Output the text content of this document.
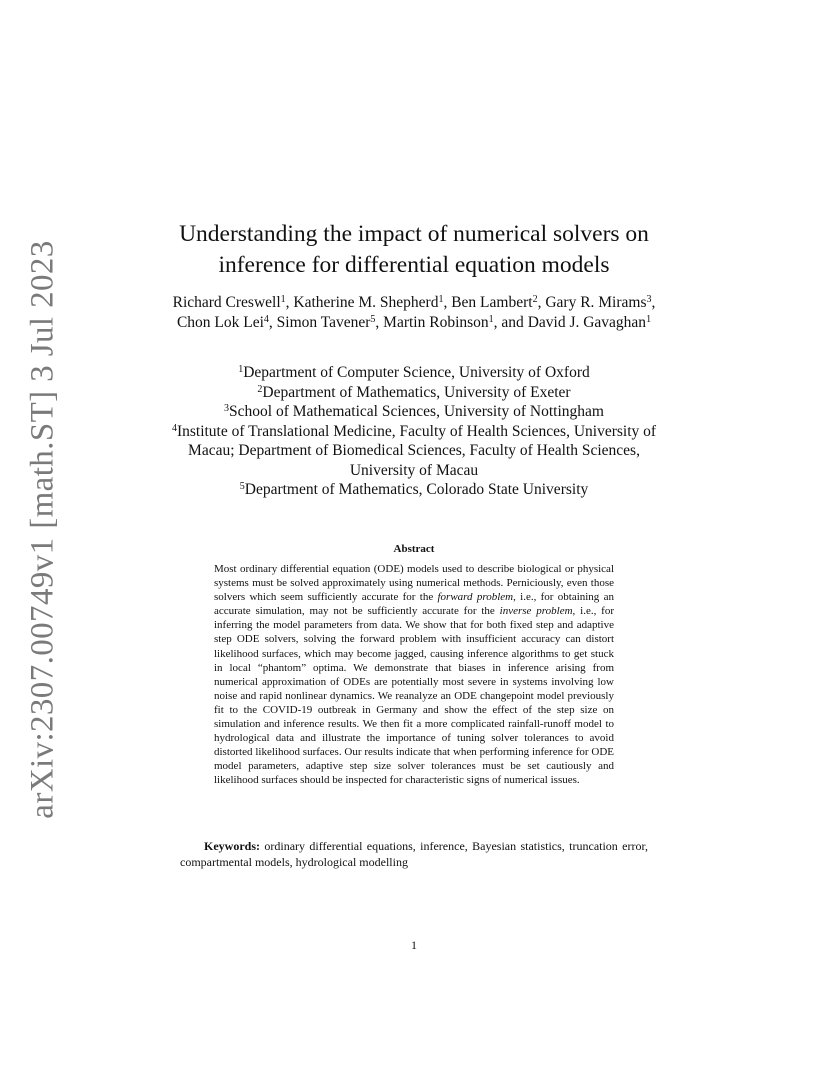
arXiv:2307.00749v1 [math.ST] 3 Jul 2023
Understanding the impact of numerical solvers on inference for differential equation models
Richard Creswell$^1$, Katherine M. Shepherd$^1$, Ben Lambert$^2$, Gary R. Mirams$^3$, Chon Lok Lei$^4$, Simon Tavener$^5$, Martin Robinson$^1$, and David J. Gavaghan$^1$
$^1$Department of Computer Science, University of Oxford
$^2$Department of Mathematics, University of Exeter
$^3$School of Mathematical Sciences, University of Nottingham
$^4$Institute of Translational Medicine, Faculty of Health Sciences, University of Macau; Department of Biomedical Sciences, Faculty of Health Sciences, University of Macau
$^5$Department of Mathematics, Colorado State University
Abstract

Most ordinary differential equation (ODE) models used to describe biological or physical systems must be solved approximately using numerical methods. Perniciously, even those solvers which seem sufficiently accurate for the forward problem, i.e., for obtaining an accurate simulation, may not be sufficiently accurate for the inverse problem, i.e., for inferring the model parameters from data. We show that for both fixed step and adaptive step ODE solvers, solving the forward problem with insufficient accuracy can distort likelihood surfaces, which may become jagged, causing inference algorithms to get stuck in local “phantom” optima. We demonstrate that biases in inference arising from numerical approximation of ODEs are potentially most severe in systems involving low noise and rapid nonlinear dynamics. We reanalyze an ODE changepoint model previously fit to the COVID-19 outbreak in Germany and show the effect of the step size on simulation and inference results. We then fit a more complicated rainfall-runoff model to hydrological data and illustrate the importance of tuning solver tolerances to avoid distorted likelihood surfaces. Our results indicate that when performing inference for ODE model parameters, adaptive step size solver tolerances must be set cautiously and likelihood surfaces should be inspected for characteristic signs of numerical issues.

Keywords: ordinary differential equations, inference, Bayesian statistics, truncation error, compartmental models, hydrological modelling

1
